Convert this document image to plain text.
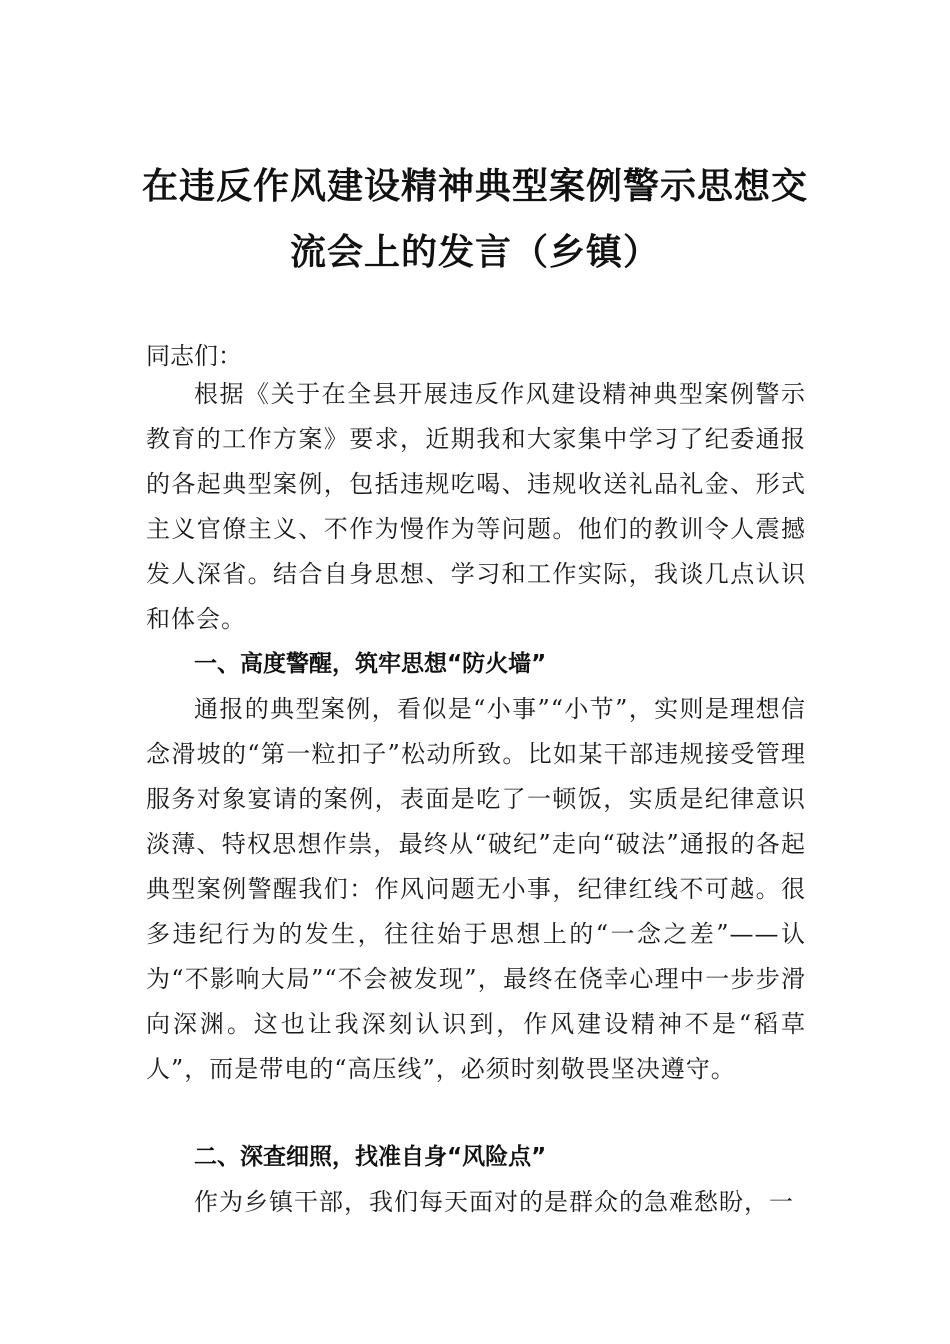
在违反作风建设精神典型案例警示思想交
流会上的发言（乡镇）
同志们：
根据《关于在全县开展违反作风建设精神典型案例警示教育的工作方案》要求，近期我和大家集中学习了纪委通报的各起典型案例，包括违规吃喝、违规收送礼品礼金、形式主义官僚主义、不作为慢作为等问题。他们的教训令人震撼发人深省。结合自身思想、学习和工作实际，我谈几点认识和体会。
一、高度警醒，筑牢思想“防火墙”
通报的典型案例，看似是“小事”“小节”，实则是理想信念滑坡的“第一粒扣子”松动所致。比如某干部违规接受管理服务对象宴请的案例，表面是吃了一顿饭，实质是纪律意识淡薄、特权思想作祟，最终从“破纪”走向“破法”通报的各起典型案例警醒我们：作风问题无小事，纪律红线不可越。很多违纪行为的发生，往往始于思想上的“一念之差”——认为“不影响大局”“不会被发现”，最终在侥幸心理中一步步滑向深渊。这也让我深刻认识到，作风建设精神不是“稻草人”，而是带电的“高压线”，必须时刻敬畏坚决遵守。
二、深查细照，找准自身“风险点”
作为乡镇干部，我们每天面对的是群众的急难愁盼，一
